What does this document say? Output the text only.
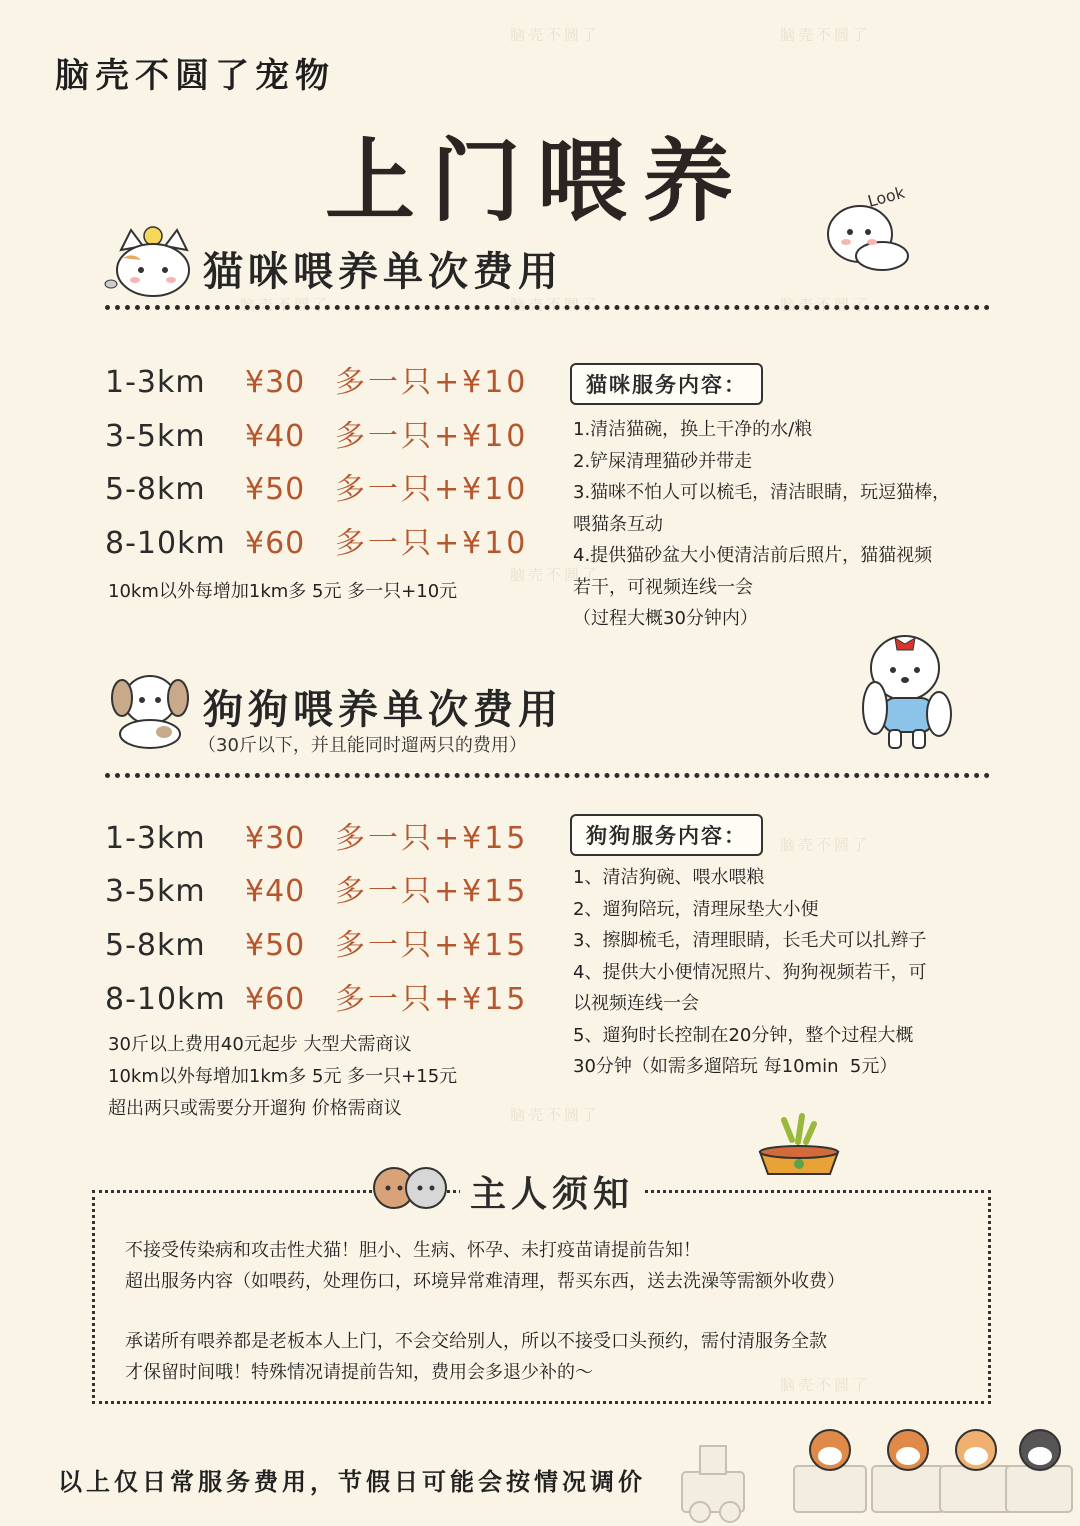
脑壳不圆了	脑壳不圆了
脑壳不圆了	脑壳不圆了	脑壳不圆了
脑壳不圆了
脑壳不圆了
脑壳不圆了
脑壳不圆了
脑壳不圆了宠物
上门喂养	Look
猫咪喂养单次费用
1-3km ¥30 多一只+¥10
3-5km ¥40 多一只+¥10
5-8km ¥50 多一只+¥10
8-10km ¥60 多一只+¥10
10km以外每增加1km多 5元 多一只+10元
猫咪服务内容：
1.清洁猫碗，换上干净的水/粮
2.铲屎清理猫砂并带走
3.猫咪不怕人可以梳毛，清洁眼睛，玩逗猫棒，
喂猫条互动
4.提供猫砂盆大小便清洁前后照片，猫猫视频
若干，可视频连线一会
（过程大概30分钟内）
狗狗喂养单次费用
（30斤以下，并且能同时遛两只的费用）
1-3km ¥30 多一只+¥15
3-5km ¥40 多一只+¥15
5-8km ¥50 多一只+¥15
8-10km ¥60 多一只+¥15
30斤以上费用40元起步 大型犬需商议
10km以外每增加1km多 5元 多一只+15元
超出两只或需要分开遛狗 价格需商议
狗狗服务内容：
1、清洁狗碗、喂水喂粮
2、遛狗陪玩，清理尿垫大小便
3、擦脚梳毛，清理眼睛，长毛犬可以扎辫子
4、提供大小便情况照片、狗狗视频若干，可
以视频连线一会
5、遛狗时长控制在20分钟，整个过程大概
30分钟（如需多遛陪玩 每10min  5元）
主人须知
不接受传染病和攻击性犬猫！胆小、生病、怀孕、未打疫苗请提前告知！
超出服务内容（如喂药，处理伤口，环境异常难清理，帮买东西，送去洗澡等需额外收费）
承诺所有喂养都是老板本人上门，不会交给别人，所以不接受口头预约，需付清服务全款
才保留时间哦！特殊情况请提前告知，费用会多退少补的～
以上仅日常服务费用，节假日可能会按情况调价
